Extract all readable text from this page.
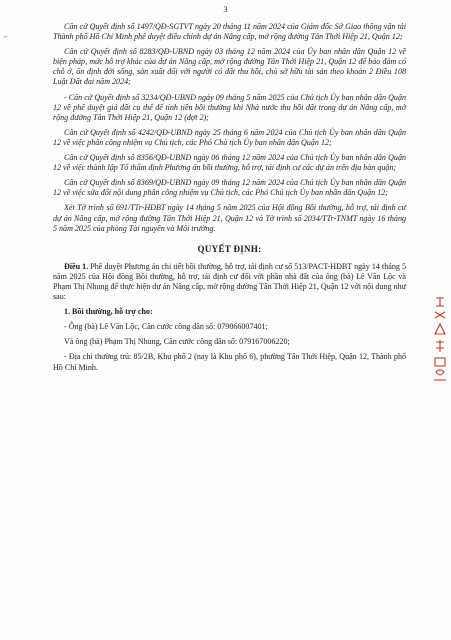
3
⌐

Căn cứ Quyết định số 1497/QĐ-SGTVT ngày 20 tháng 11 năm 2024 của Giám đốc Sở Giao thông vận tải Thành phố Hồ Chí Minh phê duyệt điều chỉnh dự án Nâng cấp, mở rộng đường Tân Thới Hiệp 21, Quận 12;

Căn cứ Quyết định số 8283/QĐ-UBND ngày 03 tháng 12 năm 2024 của Ủy ban nhân dân Quận 12 về biện pháp, mức hỗ trợ khác của dự án Nâng cấp, mở rộng đường Tân Thới Hiệp 21, Quận 12 để bảo đảm có chỗ ở, ổn định đời sống, sản xuất đối với người có đất thu hồi, chủ sở hữu tài sản theo khoản 2 Điều 108 Luật Đất đai năm 2024;

- Căn cứ Quyết định số 3234/QĐ-UBND ngày 09 tháng 5 năm 2025 của Chủ tịch Ủy ban nhân dân Quận 12 về phê duyệt giá đất cụ thể để tính tiền bồi thường khi Nhà nước thu hồi đất trong dự án Nâng cấp, mở rộng đường Tân Thới Hiệp 21, Quận 12 (đợt 2);

Căn cứ Quyết định số 4242/QĐ-UBND ngày 25 tháng 6 năm 2024 của Chủ tịch Ủy ban nhân dân Quận 12 về việc phân công nhiệm vụ Chủ tịch, các Phó Chủ tịch Ủy ban nhân dân Quận 12;

Căn cứ Quyết định số 8356/QĐ-UBND ngày 06 tháng 12 năm 2024 của Chủ tịch Ủy ban nhân dân Quận 12 về việc thành lập Tổ thẩm định Phương án bồi thường, hỗ trợ, tái định cư các dự án trên địa bàn quận;

Căn cứ Quyết định số 8369/QĐ-UBND ngày 09 tháng 12 năm 2024 của Chủ tịch Ủy ban nhân dân Quận 12 về việc sửa đổi nội dung phân công nhiệm vụ Chủ tịch, các Phó Chủ tịch Ủy ban nhân dân Quận 12;

Xét Tờ trình số 691/TTr-HĐBT ngày 14 tháng 5 năm 2025 của Hội đồng Bồi thường, hỗ trợ, tái định cư dự án Nâng cấp, mở rộng đường Tân Thới Hiệp 21, Quận 12 và Tờ trình số 2034/TTr-TNMT ngày 16 tháng 5 năm 2025 của phòng Tài nguyên và Môi trường.

QUYẾT ĐỊNH:

Điều 1. Phê duyệt Phương án chi tiết bồi thường, hỗ trợ, tái định cư số 513/PACT-HĐBT ngày 14 tháng 5 năm 2025 của Hội đồng Bồi thường, hỗ trợ, tái định cư đối với phần nhà đất của ông (bà) Lê Văn Lộc và Phạm Thị Nhung để thực hiện dự án Nâng cấp, mở rộng đường Tân Thới Hiệp 21, Quận 12 với nội dung như sau:

1. Bồi thường, hỗ trợ cho:

- Ông (bà) Lê Văn Lộc, Căn cước công dân số: 079066007401;

Và ông (bà) Phạm Thị Nhung, Căn cước công dân số: 079167006220;

- Địa chỉ thường trú: 85/2B, Khu phố 2 (nay là Khu phố 6), phường Tân Thới Hiệp, Quận 12, Thành phố Hồ Chí Minh.
